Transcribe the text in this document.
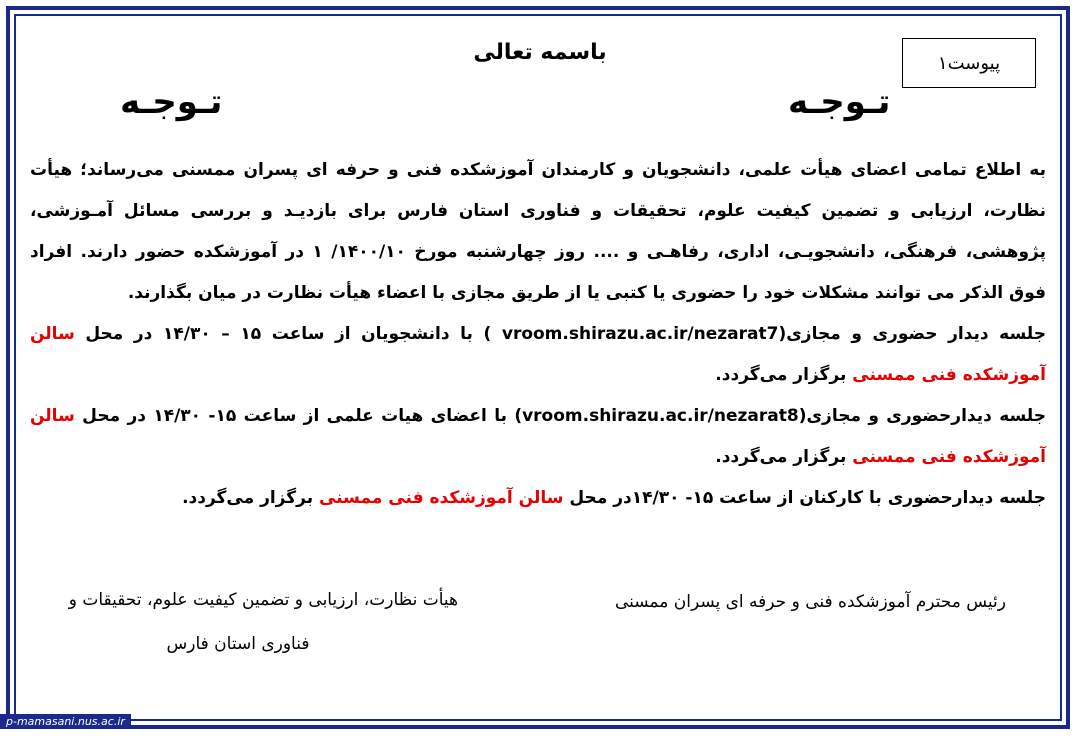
باسمه تعالی	پیوست۱
تـوجـه	تـوجـه

به اطلاع تمامی اعضای هیأت علمی، دانشجویان و کارمندان آموزشکده فنی و حرفه ای پسران ممسنی می‌رساند؛ هیأت نظارت، ارزیابی و تضمین کیفیت علوم، تحقیقات و فناوری استان فارس برای بازدیـد و بررسی مسائل آمـوزشی، پژوهشی، فرهنگی، دانشجویـی، اداری، رفاهـی و .... روز چهارشنبه مورخ ۱۴۰۰/۱۰/ ۱ در آموزشکده حضور دارند. افراد فوق الذکر می توانند مشکلات خود را حضوری یا کتبی یا از طریق مجازی با اعضاء هیأت نظارت در میان بگذارند.

جلسه دیدار حضوری و مجازی(vroom.shirazu.ac.ir/nezarat7 ) با دانشجویان از ساعت ۱۵ – ۱۴/۳۰ در محل سالن آموزشکده فنی ممسنی برگزار می‌گردد.

جلسه دیدارحضوری و مجازی(vroom.shirazu.ac.ir/nezarat8) با اعضای هیات علمی از ساعت ۱۵- ۱۴/۳۰ در محل سالن آموزشکده فنی ممسنی برگزار می‌گردد.

جلسه دیدارحضوری با کارکنان از ساعت ۱۵- ۱۴/۳۰در محل سالن آموزشکده فنی ممسنی برگزار می‌گردد.

رئیس محترم آموزشکده فنی و حرفه ای پسران ممسنی
هیأت نظارت، ارزیابی و تضمین کیفیت علوم، تحقیقات و
فناوری استان فارس
p-mamasani.nus.ac.ir
